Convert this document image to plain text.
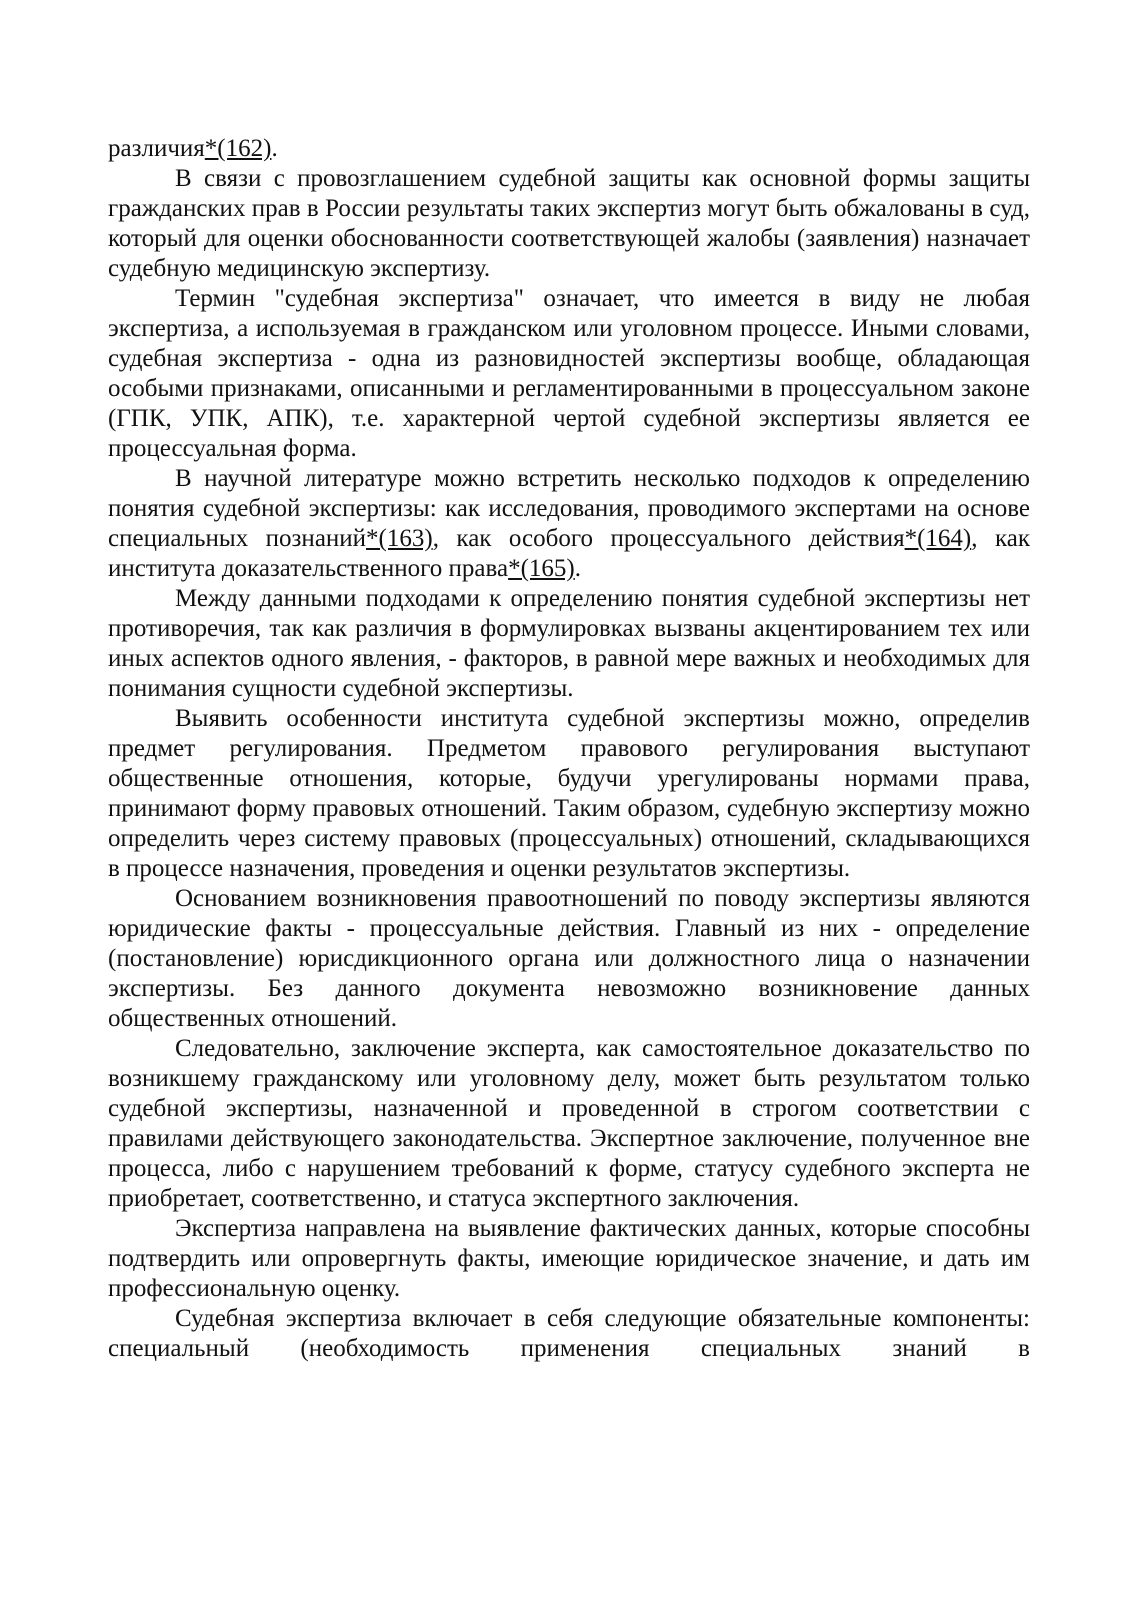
различия*(162).

В связи с провозглашением судебной защиты как основной формы защиты гражданских прав в России результаты таких экспертиз могут быть обжалованы в суд, который для оценки обоснованности соответствующей жалобы (заявления) назначает судебную медицинскую экспертизу.

Термин "судебная экспертиза" означает, что имеется в виду не любая экспертиза, а используемая в гражданском или уголовном процессе. Иными словами, судебная экспертиза - одна из разновидностей экспертизы вообще, обладающая особыми признаками, описанными и регламентированными в процессуальном законе (ГПК, УПК, АПК), т.е. характерной чертой судебной экспертизы является ее процессуальная форма.

В научной литературе можно встретить несколько подходов к определению понятия судебной экспертизы: как исследования, проводимого экспертами на основе специальных познаний*(163), как особого процессуального действия*(164), как института доказательственного права*(165).

Между данными подходами к определению понятия судебной экспертизы нет противоречия, так как различия в формулировках вызваны акцентированием тех или иных аспектов одного явления, - факторов, в равной мере важных и необходимых для понимания сущности судебной экспертизы.

Выявить особенности института судебной экспертизы можно, определив предмет регулирования. Предметом правового регулирования выступают общественные отношения, которые, будучи урегулированы нормами права, принимают форму правовых отношений. Таким образом, судебную экспертизу можно определить через систему правовых (процессуальных) отношений, складывающихся в процессе назначения, проведения и оценки результатов экспертизы.

Основанием возникновения правоотношений по поводу экспертизы являются юридические факты - процессуальные действия. Главный из них - определение (постановление) юрисдикционного органа или должностного лица о назначении экспертизы. Без данного документа невозможно возникновение данных общественных отношений.

Следовательно, заключение эксперта, как самостоятельное доказательство по возникшему гражданскому или уголовному делу, может быть результатом только судебной экспертизы, назначенной и проведенной в строгом соответствии с правилами действующего законодательства. Экспертное заключение, полученное вне процесса, либо с нарушением требований к форме, статусу судебного эксперта не приобретает, соответственно, и статуса экспертного заключения.

Экспертиза направлена на выявление фактических данных, которые способны подтвердить или опровергнуть факты, имеющие юридическое значение, и дать им профессиональную оценку.

Судебная экспертиза включает в себя следующие обязательные компоненты: специальный (необходимость применения специальных знаний в
